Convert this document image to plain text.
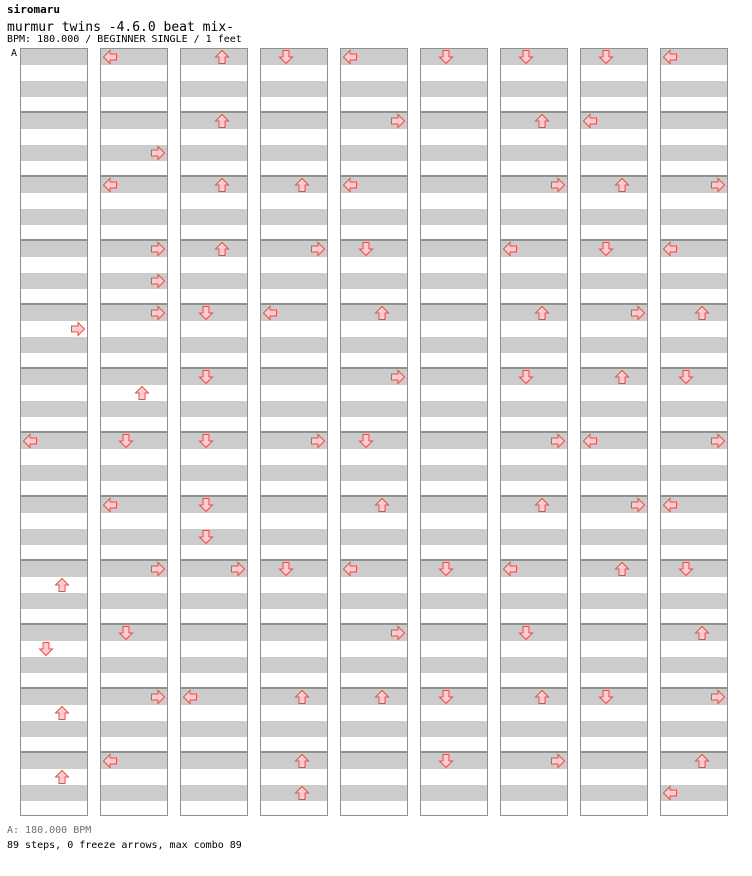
siromaru
murmur twins -4.6.0 beat mix-
BPM: 180.000 / BEGINNER SINGLE / 1 feet
A
A: 180.000 BPM
89 steps, 0 freeze arrows, max combo 89
